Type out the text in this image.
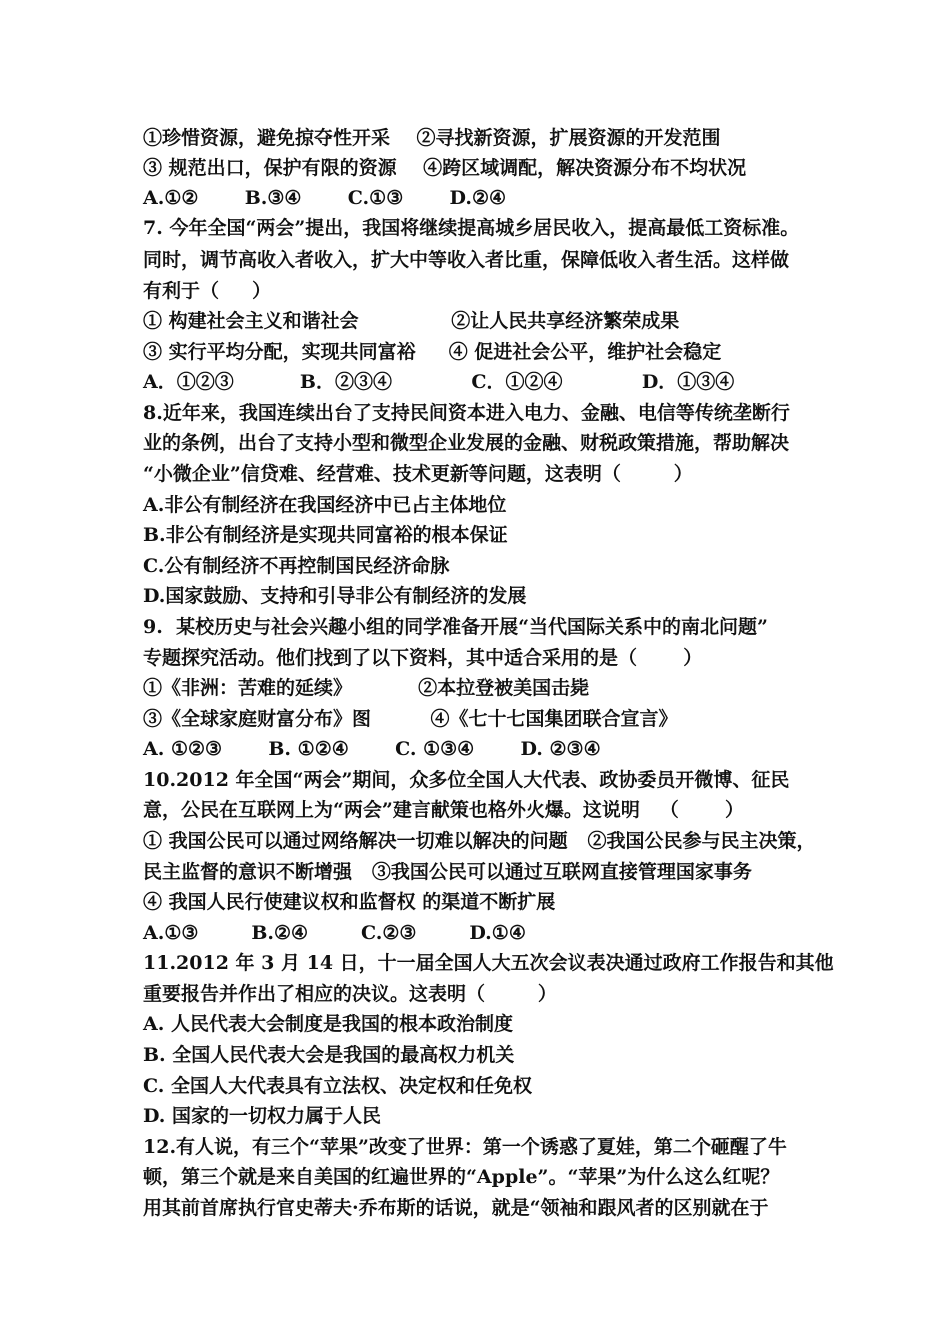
①珍惜资源，避免掠夺性开采    ②寻找新资源，扩展资源的开发范围
③ 规范出口，保护有限的资源    ④跨区域调配，解决资源分布不均状况
A.①②       B.③④       C.①③       D.②④
7. 今年全国“两会”提出，我国将继续提高城乡居民收入，提高最低工资标准。
同时，调节高收入者收入，扩大中等收入者比重，保障低收入者生活。这样做
有利于（     ）
① 构建社会主义和谐社会              ②让人民共享经济繁荣成果
③ 实行平均分配，实现共同富裕     ④ 促进社会公平，维护社会稳定
A．①②③          B．②③④            C．①②④            D．①③④
8.近年来，我国连续出台了支持民间资本进入电力、金融、电信等传统垄断行
业的条例，出台了支持小型和微型企业发展的金融、财税政策措施，帮助解决
“小微企业”信贷难、经营难、技术更新等问题，这表明（        ）
A.非公有制经济在我国经济中已占主体地位
B.非公有制经济是实现共同富裕的根本保证
C.公有制经济不再控制国民经济命脉
D.国家鼓励、支持和引导非公有制经济的发展
9.  某校历史与社会兴趣小组的同学准备开展“当代国际关系中的南北问题”
专题探究活动。他们找到了以下资料，其中适合采用的是（       ）
①《非洲：苦难的延续》          ②本拉登被美国击毙
③《全球家庭财富分布》图         ④《七十七国集团联合宣言》
A. ①②③       B. ①②④       C. ①③④       D. ②③④
10.2012 年全国“两会”期间，众多位全国人大代表、政协委员开微博、征民
意，公民在互联网上为“两会”建言献策也格外火爆。这说明   （       ）
① 我国公民可以通过网络解决一切难以解决的问题   ②我国公民参与民主决策，
民主监督的意识不断增强   ③我国公民可以通过互联网直接管理国家事务
④ 我国人民行使建议权和监督权 的渠道不断扩展
A.①③        B.②④        C.②③        D.①④
11.2012 年 3 月 14 日，十一届全国人大五次会议表决通过政府工作报告和其他
重要报告并作出了相应的决议。这表明（        ）
A. 人民代表大会制度是我国的根本政治制度
B. 全国人民代表大会是我国的最高权力机关
C. 全国人大代表具有立法权、决定权和任免权
D. 国家的一切权力属于人民
12.有人说，有三个“苹果”改变了世界：第一个诱惑了夏娃，第二个砸醒了牛
顿，第三个就是来自美国的红遍世界的“Apple”。“苹果”为什么这么红呢？
用其前首席执行官史蒂夫·乔布斯的话说，就是“领袖和跟风者的区别就在于
